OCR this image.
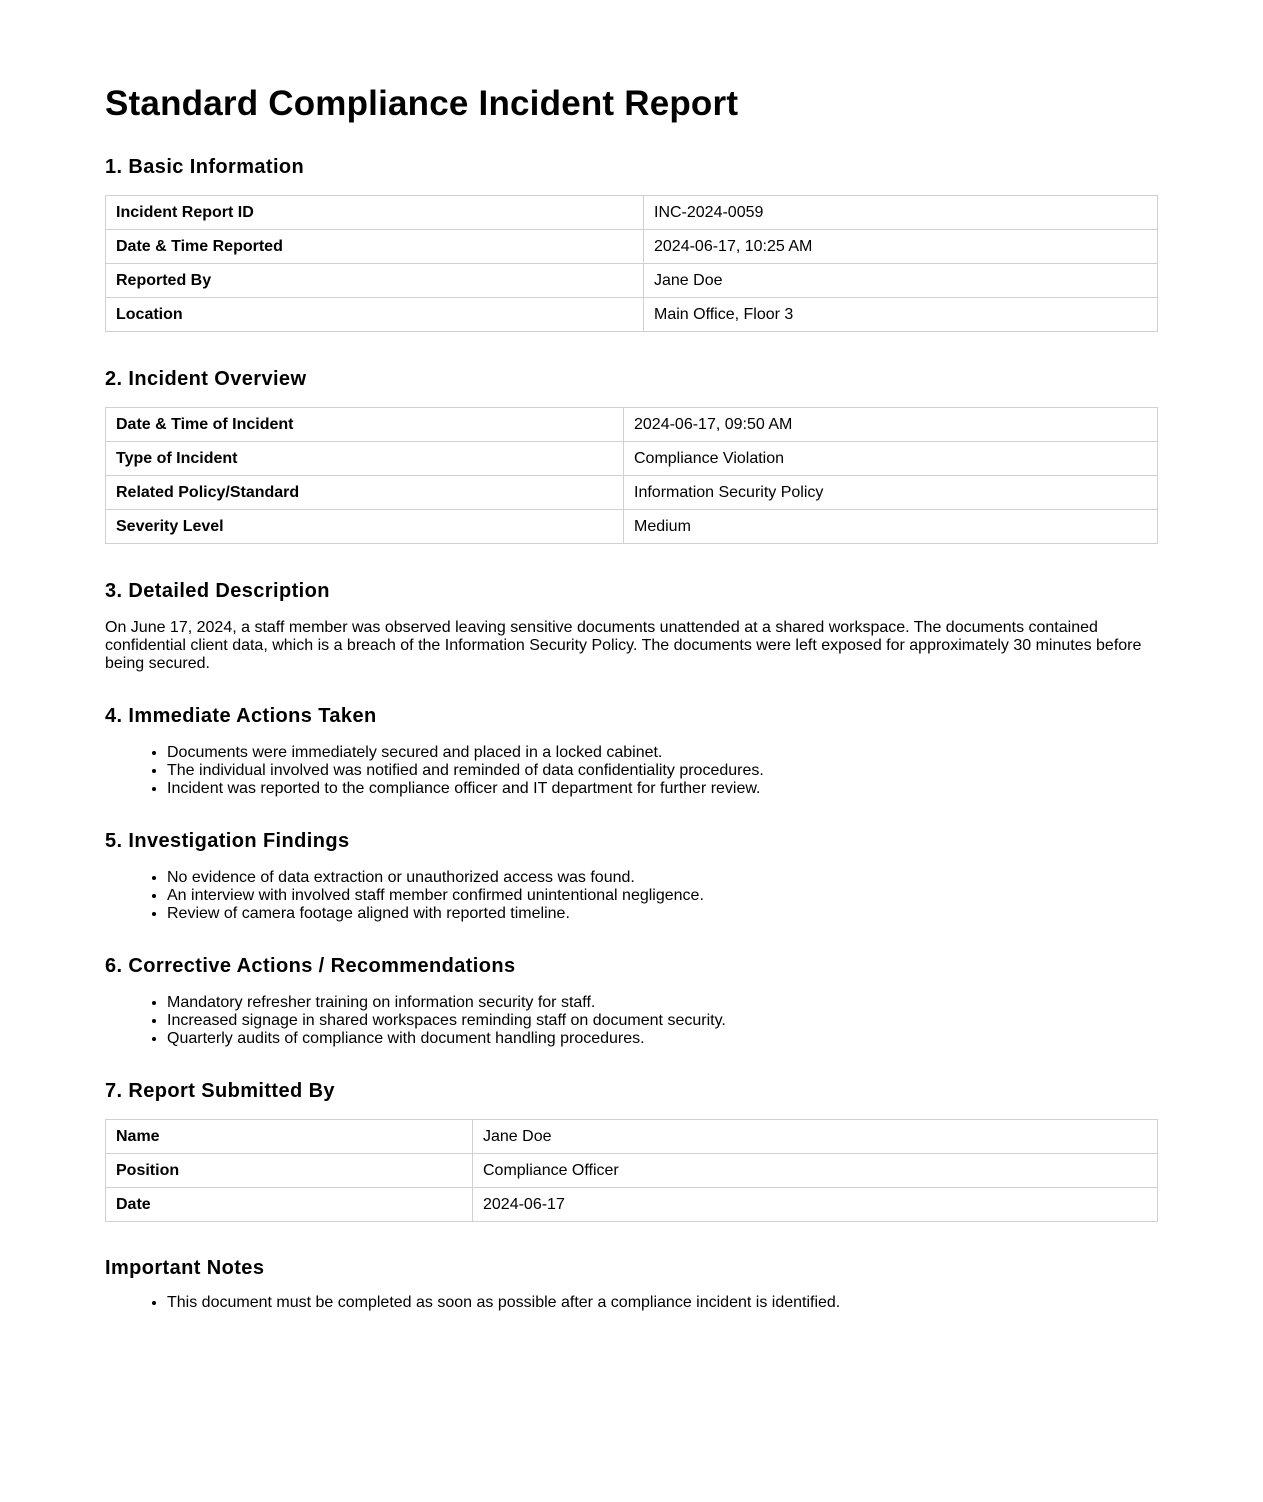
Standard Compliance Incident Report
1. Basic Information
Incident Report ID	INC-2024-0059
Date & Time Reported	2024-06-17, 10:25 AM
Reported By	Jane Doe
Location	Main Office, Floor 3
2. Incident Overview
Date & Time of Incident	2024-06-17, 09:50 AM
Type of Incident	Compliance Violation
Related Policy/Standard	Information Security Policy
Severity Level	Medium
3. Detailed Description

On June 17, 2024, a staff member was observed leaving sensitive documents unattended at a shared workspace. The documents contained confidential client data, which is a breach of the Information Security Policy. The documents were left exposed for approximately 30 minutes before being secured.

4. Immediate Actions Taken
• Documents were immediately secured and placed in a locked cabinet.
• The individual involved was notified and reminded of data confidentiality procedures.
• Incident was reported to the compliance officer and IT department for further review.
5. Investigation Findings
• No evidence of data extraction or unauthorized access was found.
• An interview with involved staff member confirmed unintentional negligence.
• Review of camera footage aligned with reported timeline.
6. Corrective Actions / Recommendations
• Mandatory refresher training on information security for staff.
• Increased signage in shared workspaces reminding staff on document security.
• Quarterly audits of compliance with document handling procedures.
7. Report Submitted By
Name	Jane Doe
Position	Compliance Officer
Date	2024-06-17
Important Notes
• This document must be completed as soon as possible after a compliance incident is identified.
